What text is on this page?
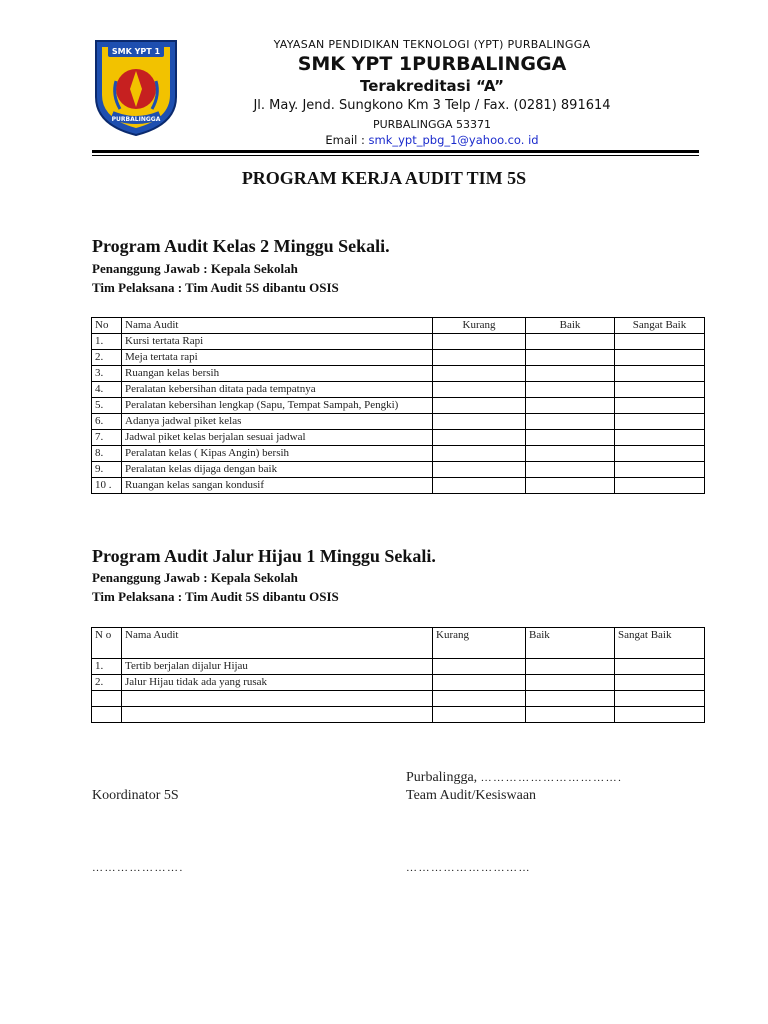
SMK YPT 1
PURBALINGGA
YAYASAN PENDIDIKAN TEKNOLOGI (YPT) PURBALINGGA
SMK YPT 1PURBALINGGA
Terakreditasi “A”
Jl. May. Jend. Sungkono Km 3 Telp / Fax. (0281) 891614
PURBALINGGA 53371
Email : smk_ypt_pbg_1@yahoo.co. id
PROGRAM KERJA AUDIT TIM 5S
Program Audit Kelas 2 Minggu Sekali.
Penanggung Jawab : Kepala Sekolah
Tim Pelaksana : Tim Audit 5S dibantu OSIS
No	Nama Audit	Kurang	Baik	Sangat Baik
1.	Kursi tertata Rapi			
2.	Meja tertata rapi			
3.	Ruangan kelas bersih			
4.	Peralatan kebersihan ditata pada tempatnya			
5.	Peralatan kebersihan lengkap (Sapu, Tempat Sampah, Pengki)			
6.	Adanya jadwal piket kelas			
7.	Jadwal piket kelas berjalan sesuai jadwal			
8.	Peralatan kelas ( Kipas Angin) bersih			
9.	Peralatan kelas dijaga dengan baik			
10 .	Ruangan kelas sangan kondusif			
Program Audit Jalur Hijau 1 Minggu Sekali.
Penanggung Jawab : Kepala Sekolah
Tim Pelaksana : Tim Audit 5S dibantu OSIS
N o	Nama Audit	Kurang	Baik	Sangat Baik
1.	Tertib berjalan dijalur Hijau			
2.	Jalur Hijau tidak ada yang rusak			

Purbalingga, …………………………….
Koordinator 5S	Team Audit/Kesiswaan
………………….	…………………………
